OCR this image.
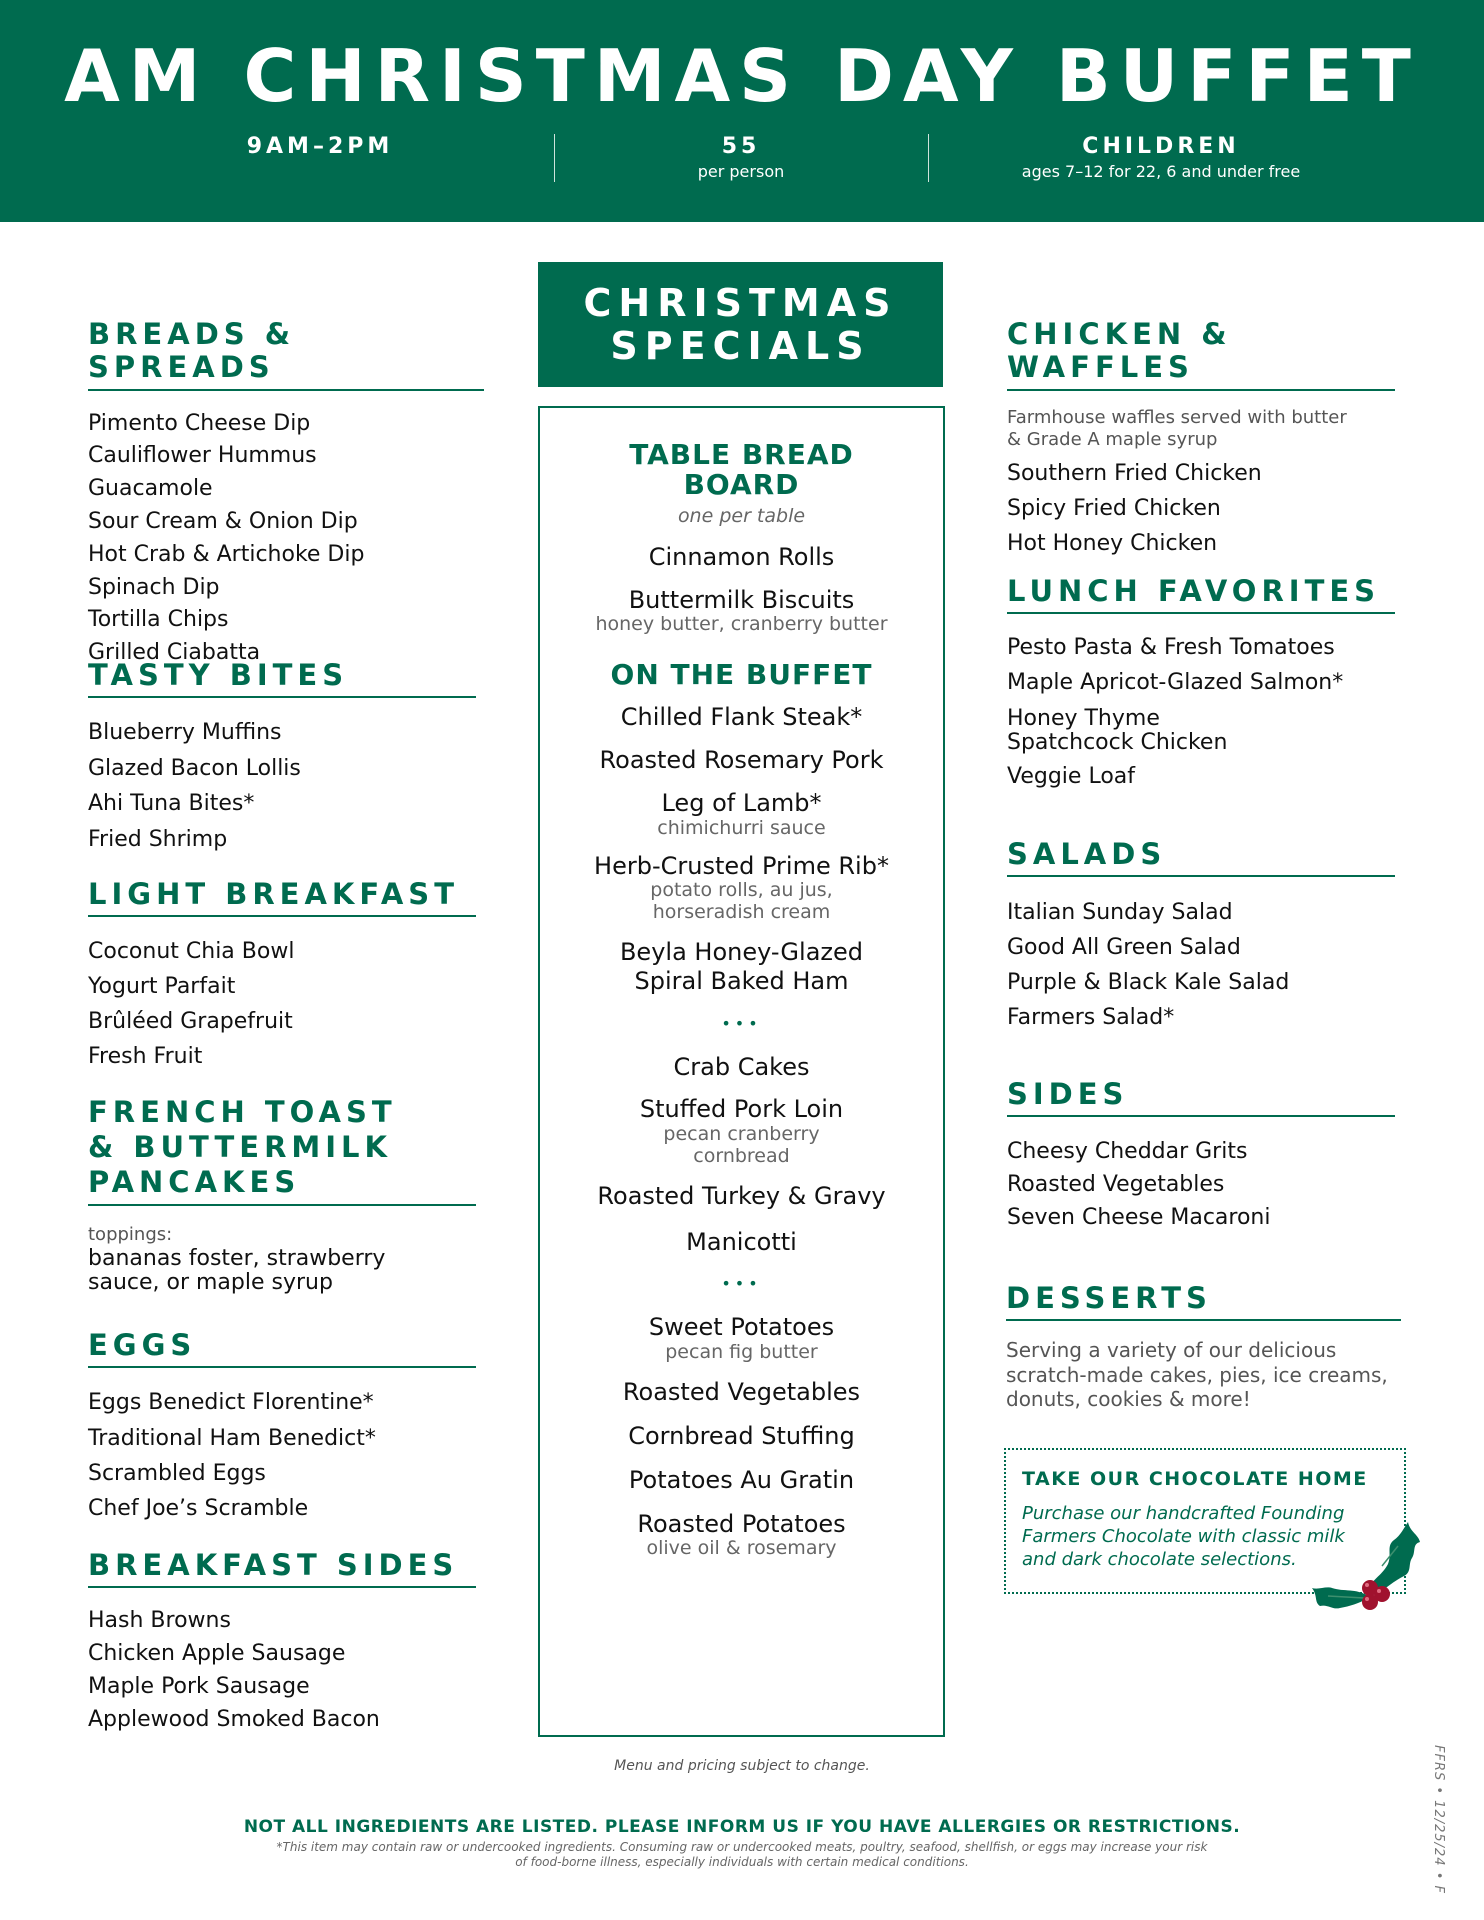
AM CHRISTMAS DAY BUFFET
9AM–2PM	55
per person
CHILDREN
ages 7–12 for 22, 6 and under free
BREADS & SPREADS
Pimento Cheese Dip
Cauliflower Hummus
Guacamole
Sour Cream & Onion Dip
Hot Crab & Artichoke Dip
Spinach Dip
Tortilla Chips
Grilled Ciabatta
TASTY BITES
Blueberry Muffins
Glazed Bacon Lollis
Ahi Tuna Bites*
Fried Shrimp
LIGHT BREAKFAST
Coconut Chia Bowl
Yogurt Parfait
Brûléed Grapefruit
Fresh Fruit
FRENCH TOAST
& BUTTERMILK
PANCAKES
toppings:
bananas foster, strawberry
sauce, or maple syrup
EGGS
Eggs Benedict Florentine*
Traditional Ham Benedict*
Scrambled Eggs
Chef Joe’s Scramble
BREAKFAST SIDES
Hash Browns
Chicken Apple Sausage
Maple Pork Sausage
Applewood Smoked Bacon
CHRISTMAS
SPECIALS
TABLE BREAD
BOARD
one per table
Cinnamon Rolls
Buttermilk Biscuits
honey butter, cranberry butter
ON THE BUFFET
Chilled Flank Steak*
Roasted Rosemary Pork
Leg of Lamb*
chimichurri sauce
Herb-Crusted Prime Rib*
potato rolls, au jus,
horseradish cream
Beyla Honey-Glazed
Spiral Baked Ham
•••
Crab Cakes
Stuffed Pork Loin
pecan cranberry
cornbread
Roasted Turkey & Gravy
Manicotti
•••
Sweet Potatoes
pecan fig butter
Roasted Vegetables
Cornbread Stuffing
Potatoes Au Gratin
Roasted Potatoes
olive oil & rosemary
CHICKEN & WAFFLES
Farmhouse waffles served with butter
& Grade A maple syrup
Southern Fried Chicken
Spicy Fried Chicken
Hot Honey Chicken
LUNCH FAVORITES
Pesto Pasta & Fresh Tomatoes
Maple Apricot-Glazed Salmon*
Honey Thyme
Spatchcock Chicken
Veggie Loaf
SALADS
Italian Sunday Salad
Good All Green Salad
Purple & Black Kale Salad
Farmers Salad*
SIDES
Cheesy Cheddar Grits
Roasted Vegetables
Seven Cheese Macaroni
DESSERTS
Serving a variety of our delicious
scratch-made cakes, pies, ice creams,
donuts, cookies & more!
TAKE OUR CHOCOLATE HOME
Purchase our handcrafted Founding
Farmers Chocolate with classic milk
and dark chocolate selections.
Menu and pricing subject to change.
NOT ALL INGREDIENTS ARE LISTED. PLEASE INFORM US IF YOU HAVE ALLERGIES OR RESTRICTIONS.
*This item may contain raw or undercooked ingredients. Consuming raw or undercooked meats, poultry, seafood, shellfish, or eggs may increase your risk
of food-borne illness, especially individuals with certain medical conditions.	FFRS • 12/25/24 • F
